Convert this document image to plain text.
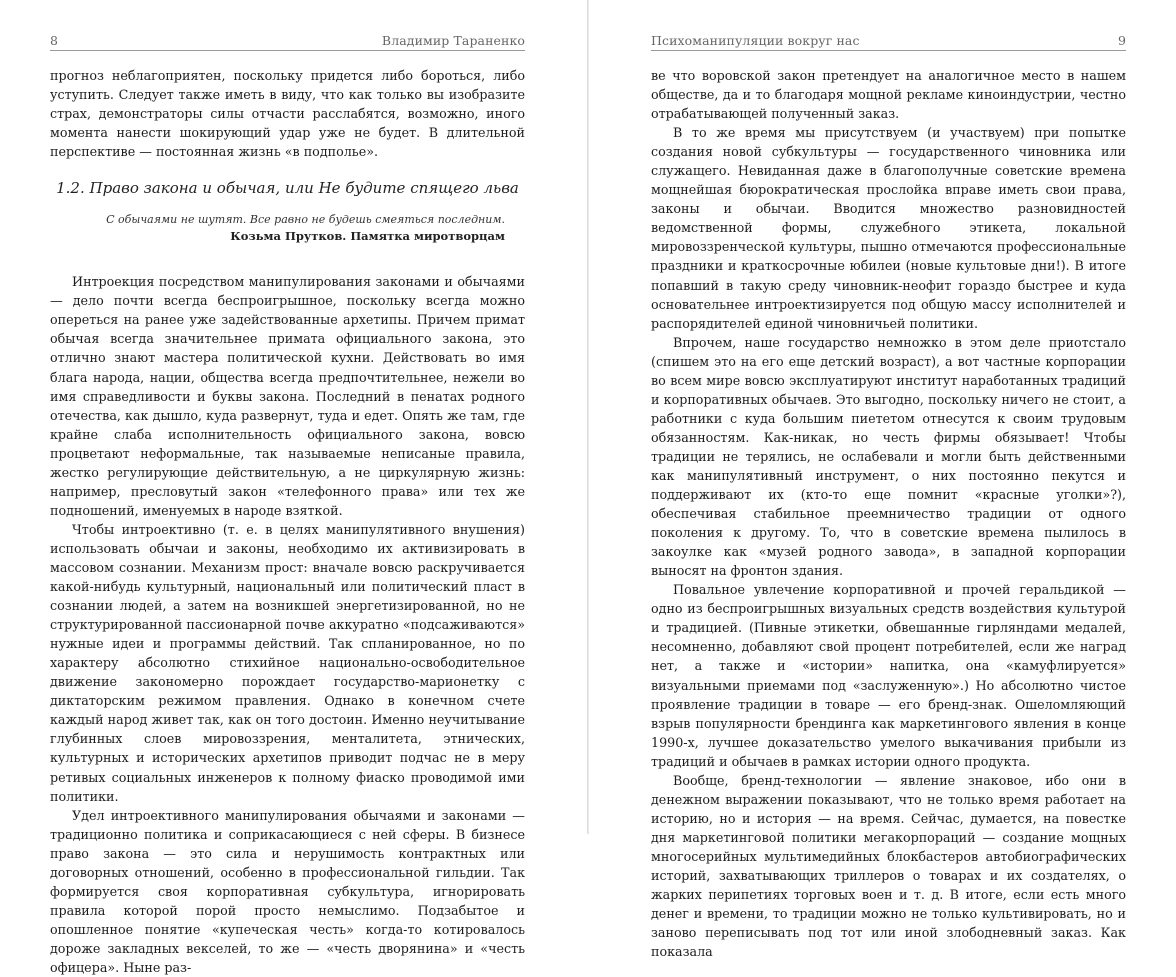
8	Владимир Тараненко

прогноз неблагоприятен, поскольку придется либо бороться, либо уступить. Следует также иметь в виду, что как только вы изобразите страх, демонстраторы силы отчасти расслабятся, возможно, иного момента нанести шокирующий удар уже не будет. В длительной перспективе — постоянная жизнь «в подполье».

1.2. Право закона и обычая, или Не будите спящего льва

С обычаями не шутят. Все равно не будешь смеяться последним.
Козьма Прутков. Памятка миротворцам

Интроекция посредством манипулирования законами и обычаями — дело почти всегда беспроигрышное, поскольку всегда можно опереться на ранее уже задействованные архетипы. Причем примат обычая всегда значительнее примата официального закона, это отлично знают мастера политической кухни. Действовать во имя блага народа, нации, общества всегда предпочтительнее, нежели во имя справедливости и буквы закона. Последний в пенатах родного отечества, как дышло, куда развернут, туда и едет. Опять же там, где крайне слаба исполнительность официального закона, вовсю процветают неформальные, так называемые неписаные правила, жестко регулирующие действительную, а не циркулярную жизнь: например, пресловутый закон «телефонного права» или тех же подношений, именуемых в народе взяткой.

Чтобы интроективно (т. е. в целях манипулятивного внушения) использовать обычаи и законы, необходимо их активизировать в массовом сознании. Механизм прост: вначале вовсю раскручивается какой-нибудь культурный, национальный или политический пласт в сознании людей, а затем на возникшей энергетизированной, но не структурированной пассионарной почве аккуратно «подсаживаются» нужные идеи и программы действий. Так спланированное, но по характеру абсолютно стихийное национально-освободительное движение закономерно порождает государство-марионетку с диктаторским режимом правления. Однако в конечном счете каждый народ живет так, как он того достоин. Именно неучитывание глубинных слоев мировоззрения, менталитета, этнических, культурных и исторических архетипов приводит подчас не в меру ретивых социальных инженеров к полному фиаско проводимой ими политики.

Удел интроективного манипулирования обычаями и законами — традиционно политика и соприкасающиеся с ней сферы. В бизнесе право закона — это сила и нерушимость контрактных или договорных отношений, особенно в профессиональной гильдии. Так формируется своя корпоративная субкультура, игнорировать правила которой порой просто немыслимо. Подзабытое и опошленное понятие «купеческая честь» когда-то котировалось дороже закладных векселей, то же — «честь дворянина» и «честь офицера». Ныне раз-

Психоманипуляции вокруг нас	9

ве что воровской закон претендует на аналогичное место в нашем обществе, да и то благодаря мощной рекламе киноиндустрии, честно отрабатывающей полученный заказ.

В то же время мы присутствуем (и участвуем) при попытке создания новой субкультуры — государственного чиновника или служащего. Невиданная даже в благополучные советские времена мощнейшая бюрократическая прослойка вправе иметь свои права, законы и обычаи. Вводится множество разновидностей ведомственной формы, служебного этикета, локальной мировоззренческой культуры, пышно отмечаются профессиональные праздники и краткосрочные юбилеи (новые культовые дни!). В итоге попавший в такую среду чиновник-неофит гораздо быстрее и куда основательнее интроектизируется под общую массу исполнителей и распорядителей единой чиновничьей политики.

Впрочем, наше государство немножко в этом деле приотстало (спишем это на его еще детский возраст), а вот частные корпорации во всем мире вовсю эксплуатируют институт наработанных традиций и корпоративных обычаев. Это выгодно, поскольку ничего не стоит, а работники с куда большим пиететом отнесутся к своим трудовым обязанностям. Как-никак, но честь фирмы обязывает! Чтобы традиции не терялись, не ослабевали и могли быть действенными как манипулятивный инструмент, о них постоянно пекутся и поддерживают их (кто-то еще помнит «красные уголки»?), обеспечивая стабильное преемничество традиции от одного поколения к другому. То, что в советские времена пылилось в закоулке как «музей родного завода», в западной корпорации выносят на фронтон здания.

Повальное увлечение корпоративной и прочей геральдикой — одно из беспроигрышных визуальных средств воздействия культурой и традицией. (Пивные этикетки, обвешанные гирляндами медалей, несомненно, добавляют свой процент потребителей, если же наград нет, а также и «истории» напитка, она «камуфлируется» визуальными приемами под «заслуженную».) Но абсолютно чистое проявление традиции в товаре — его бренд-знак. Ошеломляющий взрыв популярности брендинга как маркетингового явления в конце 1990-х, лучшее доказательство умелого выкачивания прибыли из традиций и обычаев в рамках истории одного продукта.

Вообще, бренд-технологии — явление знаковое, ибо они в денежном выражении показывают, что не только время работает на историю, но и история — на время. Сейчас, думается, на повестке дня маркетинговой политики мегакорпораций — создание мощных многосерийных мультимедийных блокбастеров автобиографических историй, захватывающих триллеров о товарах и их создателях, о жарких перипетиях торговых воен и т. д. В итоге, если есть много денег и времени, то традиции можно не только культивировать, но и заново переписывать под тот или иной злободневный заказ. Как показала
